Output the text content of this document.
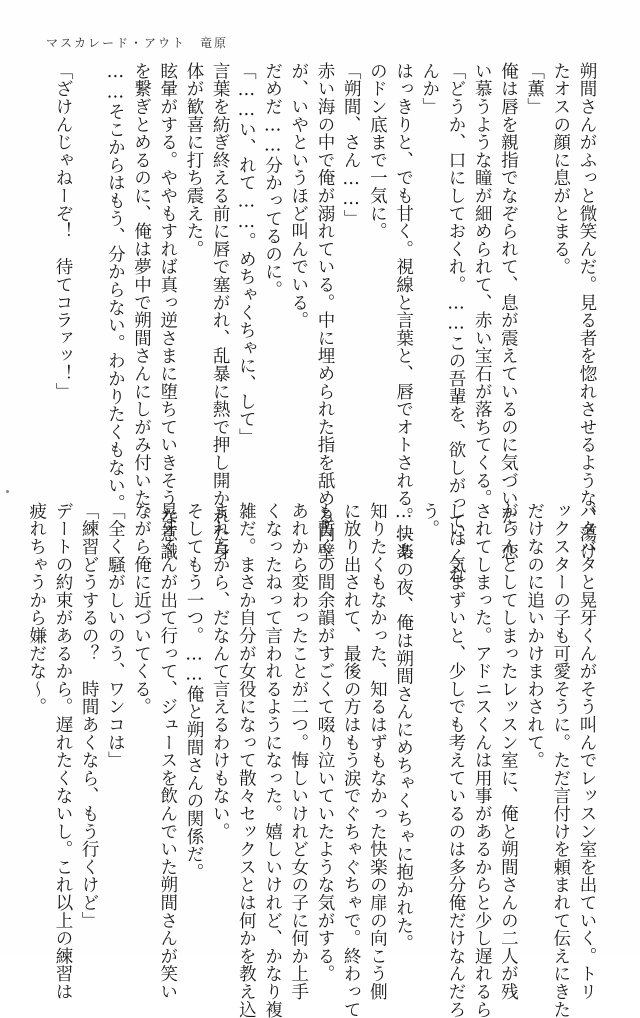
マスカレード・アウト 竜原

朔間さんがふっと微笑んだ。見る者を惚れさせるような、蕩け

たオスの顔に息がとまる。

「薫」

俺は唇を親指でなぞられて、息が震えているのに気づいた。恋

い慕うような瞳が細められて、赤い宝石が落ちてくる。

「どうか、口にしておくれ。……この吾輩を、欲しがってはくれ

んか」

はっきりと、でも甘く。視線と言葉と、唇でオトされる。快楽

のドン底まで一気に。

「朔間、さん……」

赤い海の中で俺が溺れている。中に埋められた指を舐める内壁

が、いやというほど叫んでいる。

だめだ……分かってるのに。

「……い、れて……。めちゃくちゃに、して」

言葉を紡ぎ終える前に唇で塞がれ、乱暴に熱で押し開かれた身

体が歓喜に打ち震えた。

眩暈がする。ややもすれば真っ逆さまに堕ちていきそうな意識

を繋ぎとめるのに、俺は夢中で朔間さんにしがみ付いた。

……そこからはもう、分からない。わかりたくもない。

「ざけんじゃねーぞ！　待てコラァッ！」

バタバタと晃牙くんがそう叫んでレッスン室を出ていく。トリ

ックスターの子も可愛そうに。ただ言付けを頼まれて伝えにきた

だけなのに追いかけまわされて。

がらんとしてしまったレッスン室に、俺と朔間さんの二人が残

されてしまった。アドニスくんは用事があるからと少し遅れるら

しい。気まずいと、少しでも考えているのは多分俺だけなんだろ

う。

……あの夜、俺は朔間さんにめちゃくちゃに抱かれた。

知りたくもなかった、知るはずもなかった快楽の扉の向こう側

に放り出されて、最後の方はもう涙でぐちゃぐちゃで。終わって

も暫くの間余韻がすごくて啜り泣いていたような気がする。

あれから変わったことが二つ。悔しいけれど女の子に何か上手

くなったねって言われるようになった。嬉しいけれど、かなり複

雑だ。まさか自分が女役になって散々セックスとは何かを教え込

まれたから、だなんて言えるわけもない。

そしてもう一つ。……俺と朔間さんの関係だ。

晃牙くんが出て行って、ジュースを飲んでいた朔間さんが笑い

ながら俺に近づいてくる。

「全く騒がしいのう、ワンコは」

「練習どうするの？　時間あくなら、もう行くけど」

デートの約束があるから。遅れたくないし。これ以上の練習は

疲れちゃうから嫌だな～。
